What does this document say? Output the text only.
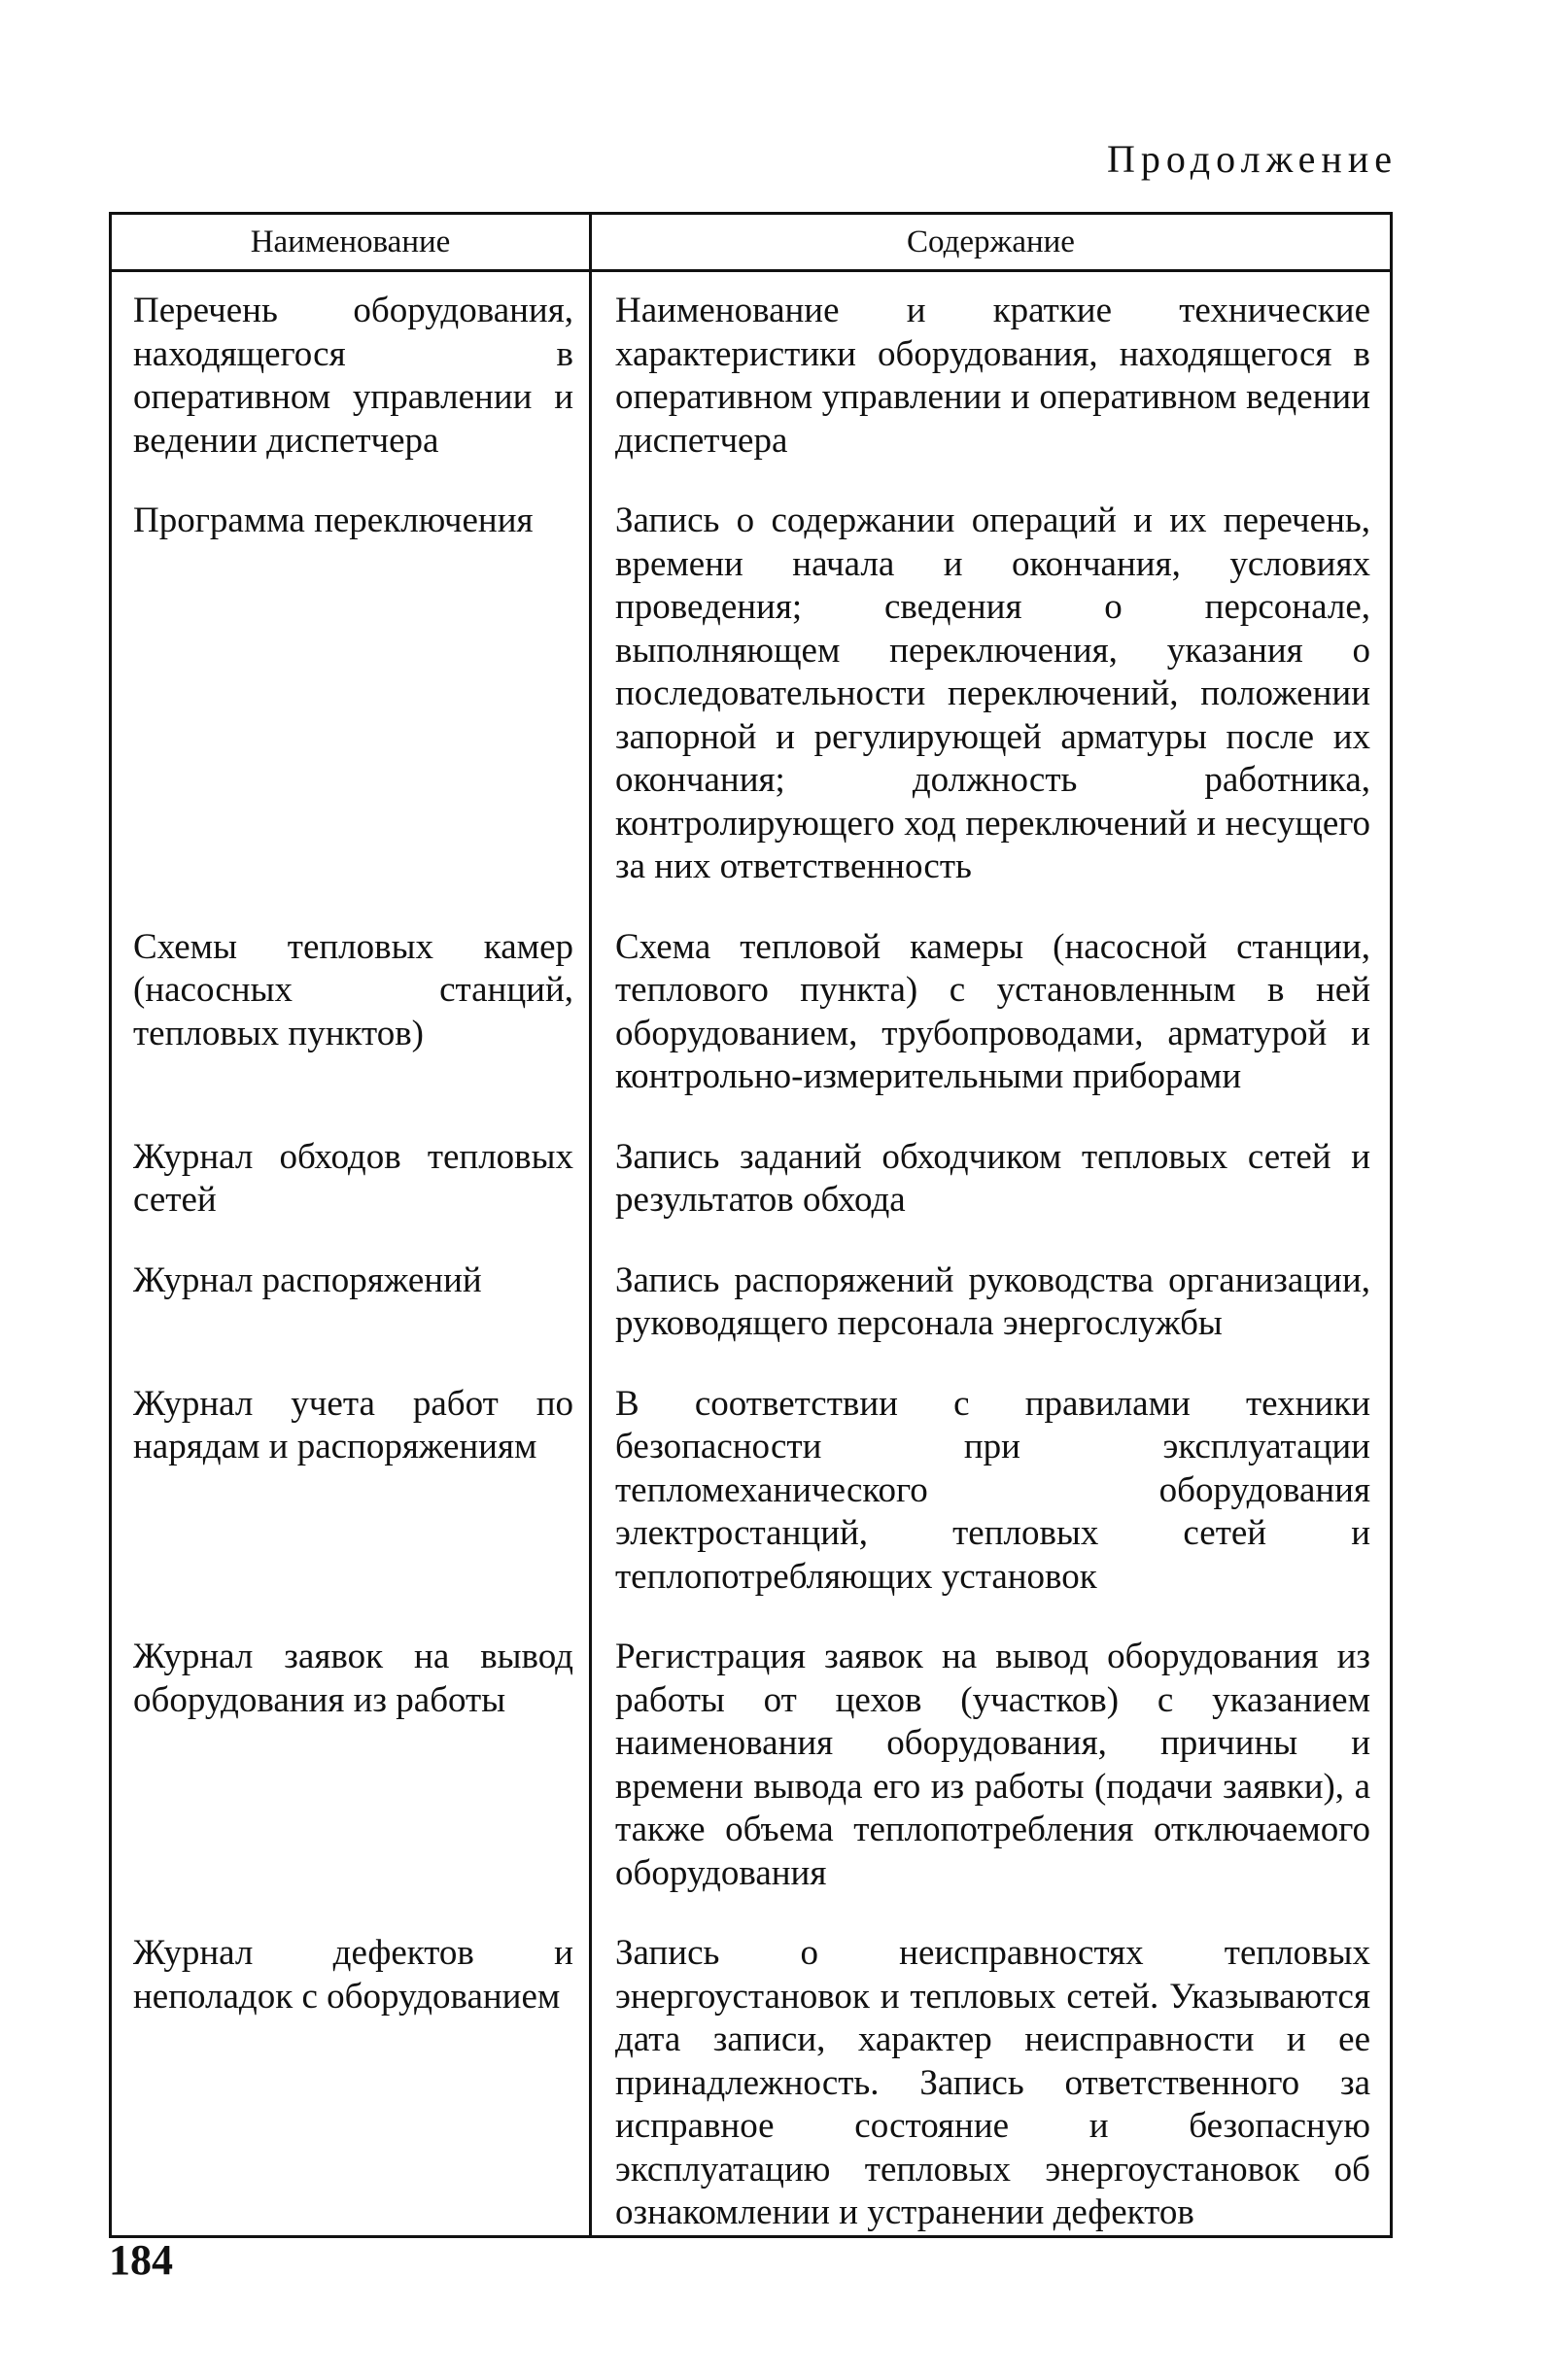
Продолжение
Наименование	Содержание

Перечень оборудования, находящегося в оперативном управлении и ведении диспетчера	Наименование и краткие технические характеристики оборудования, находящегося в оперативном управлении и оперативном ведении диспетчера

Программа переключения	Запись о содержании операций и их перечень, времени начала и окончания, условиях проведения; сведения о персонале, выполняющем переключения, указания о последовательности переключений, положении запорной и регулирующей арматуры после их окончания; должность работника, контролирующего ход переключений и несущего за них ответственность

Схемы тепловых камер (насосных станций, тепловых пунктов)	Схема тепловой камеры (насосной станции, теплового пункта) с установленным в ней оборудованием, трубопроводами, арматурой и контрольно-измерительными приборами

Журнал обходов тепловых сетей	Запись заданий обходчиком тепловых сетей и результатов обхода

Журнал распоряжений	Запись распоряжений руководства организации, руководящего персонала энергослужбы

Журнал учета работ по нарядам и распоряжениям	В соответствии с правилами техники безопасности при эксплуатации тепломеханического оборудования электростанций, тепловых сетей и теплопотребляющих установок

Журнал заявок на вывод оборудования из работы	Регистрация заявок на вывод оборудования из работы от цехов (участков) с указанием наименования оборудования, причины и времени вывода его из работы (подачи заявки), а также объема теплопотребления отключаемого оборудования

Журнал дефектов и неполадок с оборудованием	Запись о неисправностях тепловых энергоустановок и тепловых сетей. Указываются дата записи, характер неисправности и ее принадлежность. Запись ответственного за исправное состояние и безопасную эксплуатацию тепловых энергоустановок об ознакомлении и устранении дефектов

184
